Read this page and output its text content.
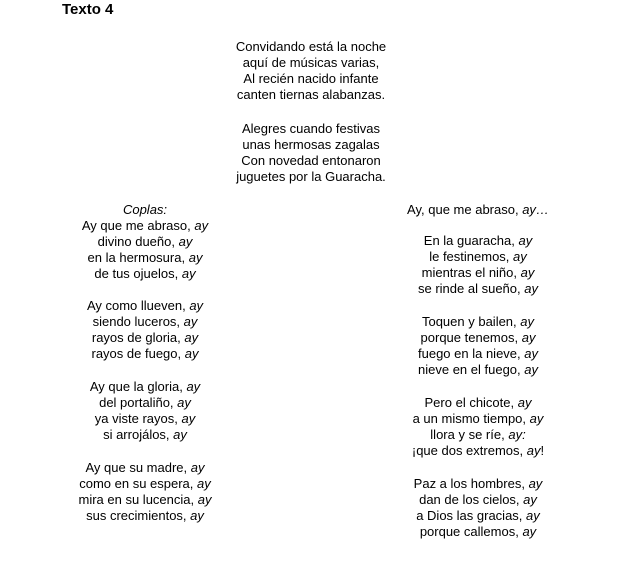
Texto 4
Convidando está la noche
aquí de músicas varias,
Al recién nacido infante
canten tiernas alabanzas.
Alegres cuando festivas
unas hermosas zagalas
Con novedad entonaron
juguetes por la Guaracha.
Coplas:
Ay que me abraso, ay
divino dueño, ay
en la hermosura, ay
de tus ojuelos, ay
Ay como llueven, ay
siendo luceros, ay
rayos de gloria, ay
rayos de fuego, ay
Ay que la gloria, ay
del portaliño, ay
ya viste rayos, ay
si arrojálos, ay
Ay que su madre, ay
como en su espera, ay
mira en su lucencia, ay
sus crecimientos, ay
Ay, que me abraso, ay…
En la guaracha, ay
le festinemos, ay
mientras el niño, ay
se rinde al sueño, ay
Toquen y bailen, ay
porque tenemos, ay
fuego en la nieve, ay
nieve en el fuego, ay
Pero el chicote, ay
a un mismo tiempo, ay
llora y se ríe, ay:
¡que dos extremos, ay!
Paz a los hombres, ay
dan de los cielos, ay
a Dios las gracias, ay
porque callemos, ay
